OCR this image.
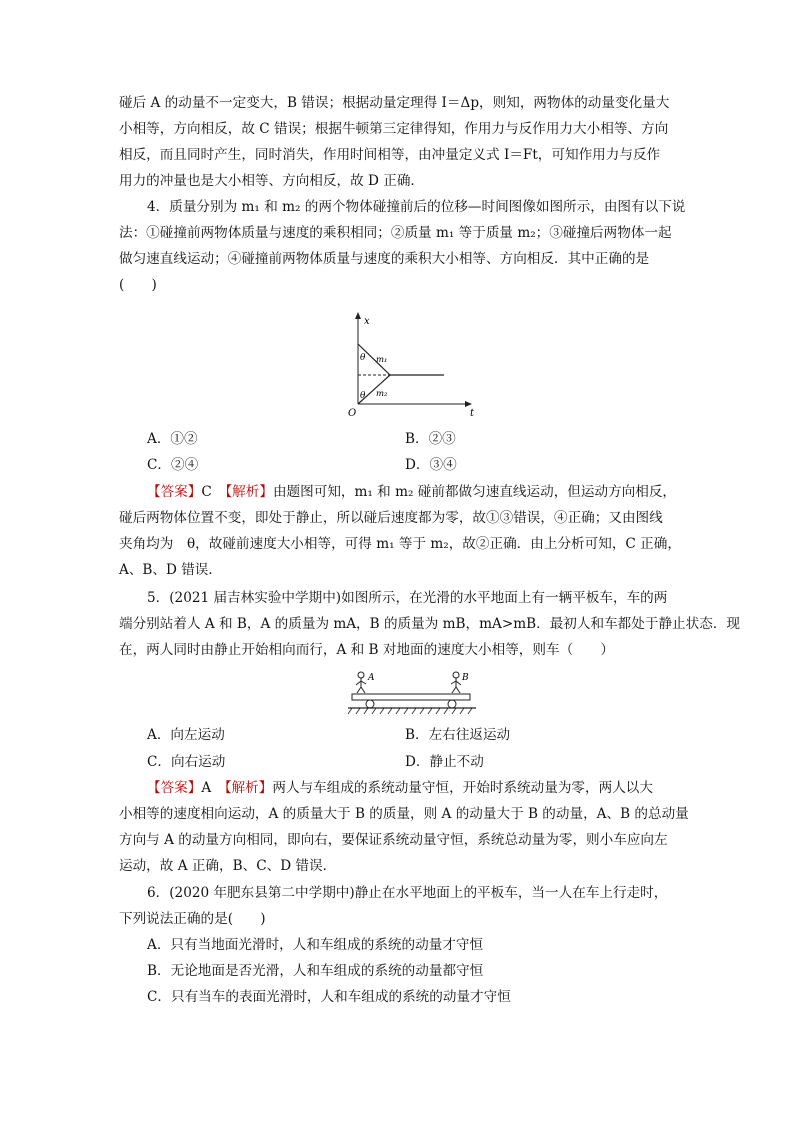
碰后 A 的动量不一定变大，B 错误；根据动量定理得 I＝Δp，则知，两物体的动量变化量大
小相等，方向相反，故 C 错误；根据牛顿第三定律得知，作用力与反作用力大小相等、方向
相反，而且同时产生，同时消失，作用时间相等，由冲量定义式 I＝Ft，可知作用力与反作
用力的冲量也是大小相等、方向相反，故 D 正确．
4．质量分别为 m₁ 和 m₂ 的两个物体碰撞前后的位移—时间图像如图所示，由图有以下说
法：①碰撞前两物体质量与速度的乘积相同；②质量 m₁ 等于质量 m₂；③碰撞后两物体一起
做匀速直线运动；④碰撞前两物体质量与速度的乘积大小相等、方向相反．其中正确的是
(　　)
x
t
O
θ
θ
m₁
m₂
A．①②	B．②③
C．②④	D．③④
【答案】C　 【解析】由题图可知，m₁ 和 m₂ 碰前都做匀速直线运动，但运动方向相反，
碰后两物体位置不变，即处于静止，所以碰后速度都为零，故①③错误，④正确；又由图线
夹角均为　θ，故碰前速度大小相等，可得 m₁ 等于 m₂，故②正确．由上分析可知，C 正确，
A、B、D 错误．
5．(2021 届吉林实验中学期中)如图所示，在光滑的水平地面上有一辆平板车，车的两
端分别站着人 A 和 B，A 的质量为 mA，B 的质量为 mB，mA>mB．最初人和车都处于静止状态．现
在，两人同时由静止开始相向而行，A 和 B 对地面的速度大小相等，则车（　　）
A	B
A．向左运动	B．左右往返运动
C．向右运动	D．静止不动
【答案】A　 【解析】两人与车组成的系统动量守恒，开始时系统动量为零，两人以大
小相等的速度相向运动，A 的质量大于 B 的质量，则 A 的动量大于 B 的动量，A、B 的总动量
方向与 A 的动量方向相同，即向右，要保证系统动量守恒，系统总动量为零，则小车应向左
运动，故 A 正确，B、C、D 错误．
6．(2020 年肥东县第二中学期中)静止在水平地面上的平板车，当一人在车上行走时，
下列说法正确的是(　　)
A．只有当地面光滑时，人和车组成的系统的动量才守恒
B．无论地面是否光滑，人和车组成的系统的动量都守恒
C．只有当车的表面光滑时，人和车组成的系统的动量才守恒
